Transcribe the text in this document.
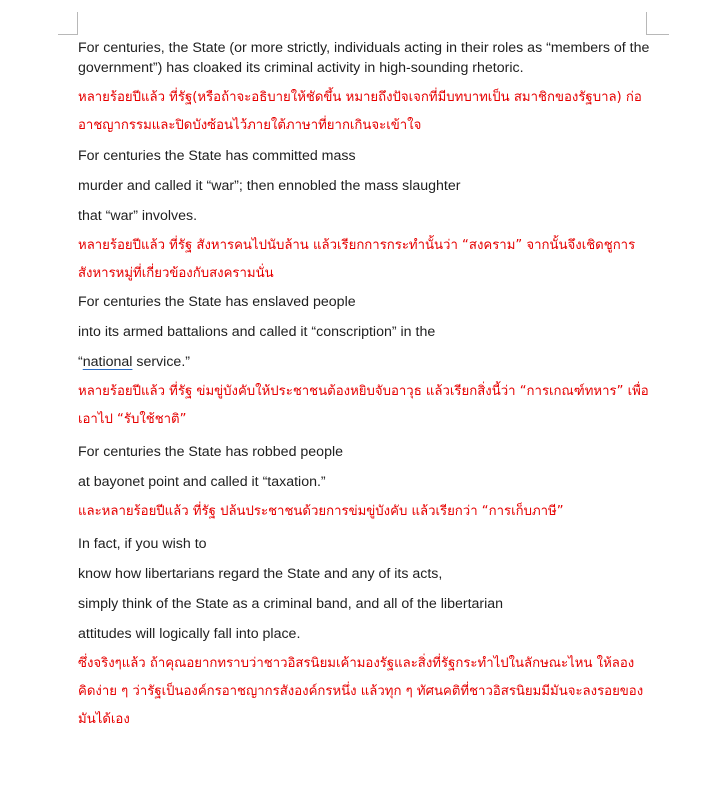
For centuries, the State (or more strictly, individuals acting in their roles as “members of the government”) has cloaked its criminal activity in high-sounding rhetoric.

หลายร้อยปีแล้ว ที่รัฐ(หรือถ้าจะอธิบายให้ชัดขึ้น หมายถึงปัจเจกที่มีบทบาทเป็น สมาชิกของรัฐบาล) ก่ออาชญากรรมและปิดบังซ้อนไว้ภายใต้ภาษาที่ยากเกินจะเข้าใจ

For centuries the State has committed mass

murder and called it “war”; then ennobled the mass slaughter

that “war” involves.

หลายร้อยปีแล้ว ที่รัฐ สังหารคนไปนับล้าน แล้วเรียกการกระทำนั้นว่า “สงคราม” จากนั้นจึงเชิดชูการสังหารหมู่ที่เกี่ยวข้องกับสงครามนั่น

For centuries the State has enslaved people

into its armed battalions and called it “conscription” in the

“national service.”

หลายร้อยปีแล้ว ที่รัฐ ข่มขู่บังคับให้ประชาชนต้องหยิบจับอาวุธ แล้วเรียกสิ่งนี้ว่า “การเกณฑ์ทหาร” เพื่อเอาไป “รับใช้ชาติ”

For centuries the State has robbed people

at bayonet point and called it “taxation.”

และหลายร้อยปีแล้ว ที่รัฐ ปล้นประชาชนด้วยการข่มขู่บังคับ แล้วเรียกว่า “การเก็บภาษี”

In fact, if you wish to

know how libertarians regard the State and any of its acts,

simply think of the State as a criminal band, and all of the libertarian

attitudes will logically fall into place.

ซึ่งจริงๆแล้ว ถ้าคุณอยากทราบว่าชาวอิสรนิยมเค้ามองรัฐและสิ่งที่รัฐกระทำไปในลักษณะไหน ให้ลองคิดง่าย ๆ ว่ารัฐเป็นองค์กรอาชญากรสังองค์กรหนึ่ง แล้วทุก ๆ ทัศนคติที่ชาวอิสรนิยมมีมันจะลงรอยของมันได้เอง
